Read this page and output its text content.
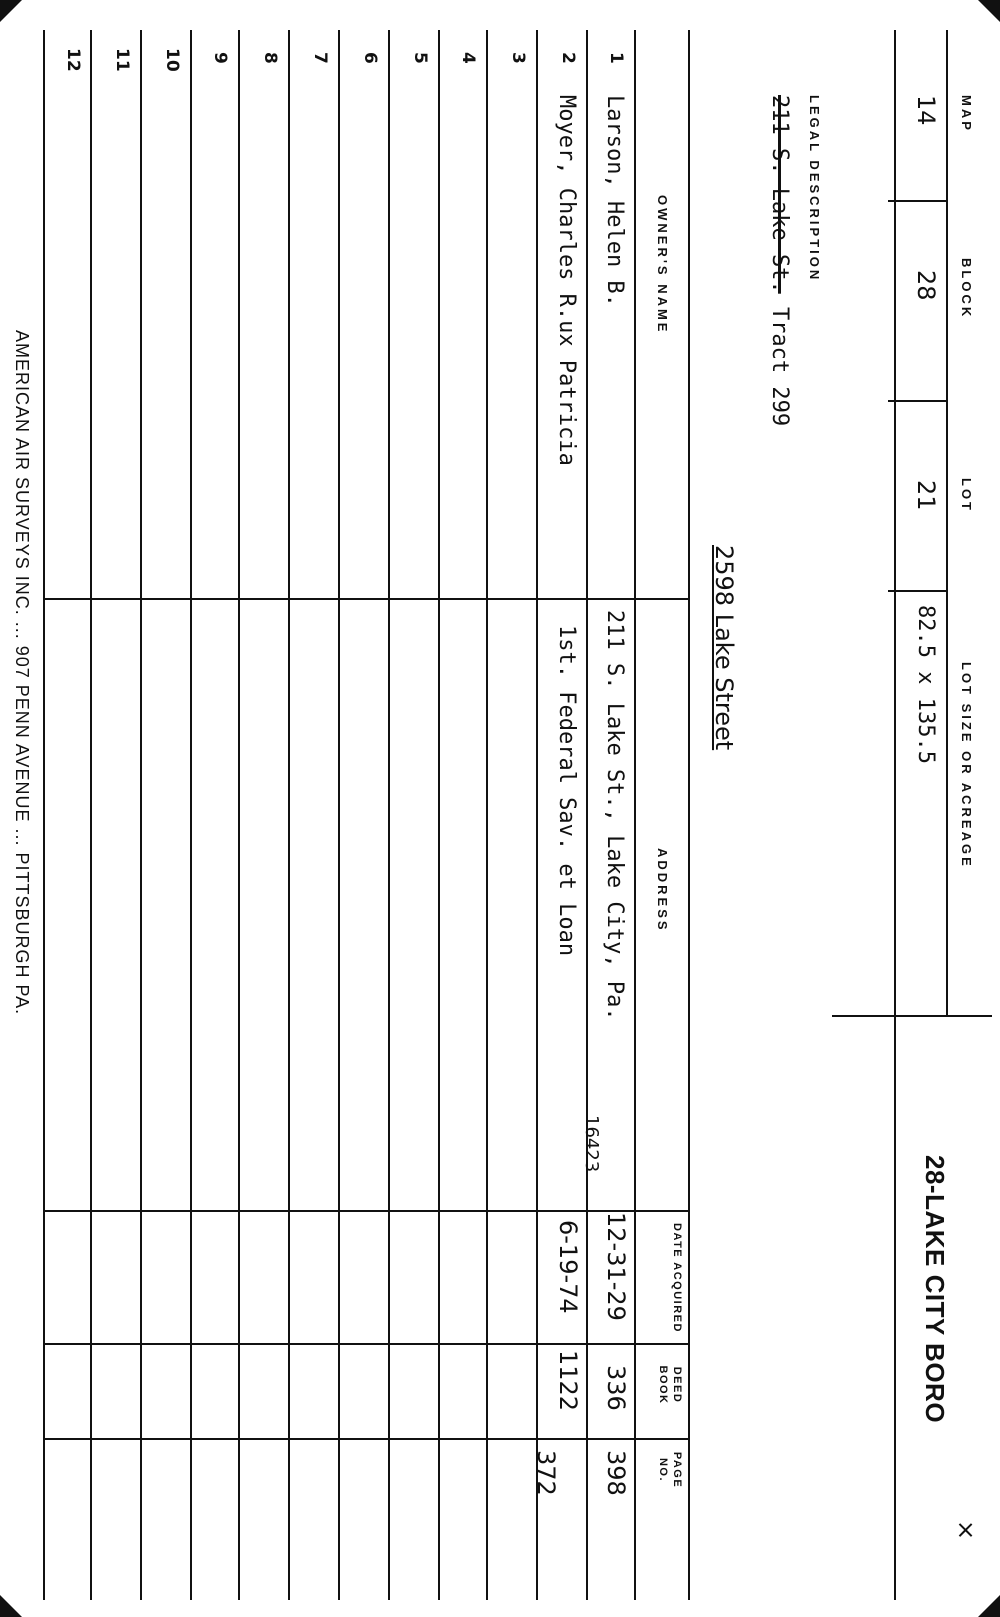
MAP
BLOCK
LOT
LOT SIZE OR ACREAGE
14
28
21
82.5 x 135.5
28-LAKE CITY BORO
×
LEGAL DESCRIPTION
211 S. Lake St. Tract 299
2598 Lake Street
OWNER'S NAME
ADDRESS
DATE ACQUIRED
DEED BOOK
PAGE NO.
1
2
3
4
5
6
7
8
9
10
11
12
Larson, Helen B.
211 S. Lake St., Lake City, Pa.
16423
12-31-29
336
398
Moyer, Charles R.ux Patricia
1st. Federal Sav. et Loan
6-19-74
1122
372
AMERICAN AIR SURVEYS INC. ... 907 PENN AVENUE ... PITTSBURGH PA.
